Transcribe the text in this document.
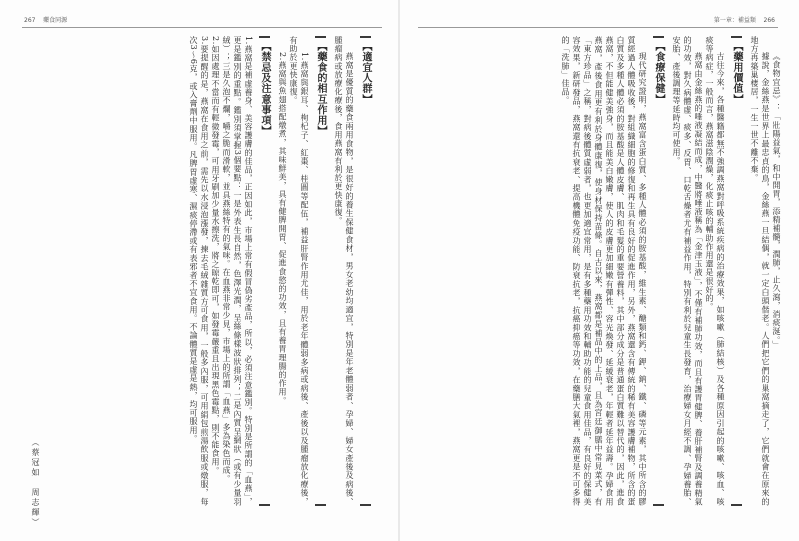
267 藥食同源
【適宜人群】

燕窩是優質的藥食兩用食物，是很好的養生保健食材，男女老幼均適宜，特別是年老體弱者、孕婦、婦女產後及病後、腫瘤病或放療化療後，食用燕窩有利於更快康復。

【藥食的相互作用】

1.燕窩與銀耳、枸杞子、紅棗、桂圓等配伍，補益肝腎作用尤佳，用於老年體弱多病或病後、產後以及腫瘤放化療後，有助於更快康復。

2.燕窩與魚翅搭配燉煮，其味鮮美，具有健脾開胃、促進食慾的功效，且有養胃理腸的作用。

【禁忌及注意事項】

1.燕窩是補虛養身、美容護膚的佳品，正因如此，市場上常有假冒偽劣產品，所以，必須注意鑑別。特別是所謂的「血燕」，更是鑑別的重點。鑑別須掌握3個要點：一是外表生長自然，色澤光潤，呈絲條樣波狀排列；二是內質呈網狀（或有少量羽絨）；三是久泡不爛，嚼之脆而滑軟，並具燕絲特有的氣味。在血燕非常少見，市場上的所謂「血燕」多為染色而成。

2.如因處理不當而有輕微發霉，可用牙刷加少量水擦洗，將之晾乾即可，如發霉嚴重且出現黑色霉點，則不能食用。

3.要提醒的是，燕窩在食用之前，需先以水浸泡漲發，揀去毛絨雜質方可食用，一般多內服，可用絹包煎湯飲服或燉服，每次3～6克，或入膏劑中服用。凡脾胃虛寒、濕痰停滯或有表邪者不宜食用。不論體質是虛是熱，均可服用。

（蔡冠如　周志輝）
第一章：補益類 266

《食物宜忌》：「壯陽益氣，和中開胃，添精補髓，潤肺，止久瀉，消痰涎。」

據說，金絲燕是世界上最忠貞的鳥，金絲燕一旦結偶，就一定白頭偕老。人們把它們的巢窩摘走了，它們就會在原來的地方再築巢棲居，一生一世不離不棄。

【藥用價值】

古往今來，各種醫籍都無不強調燕窩對呼吸系統疾病的治療效果，如咳嗽（肺結核）及各種原因引起的咳嗽、咳血、咳痰等病症，一般而言，燕窩滋陰潤燥，化痰止咳的輔助作用還是很好的。

燕窩由金絲燕的唾液凝結而成，中醫將唾液稱為「金津玉液」，不僅有補肺功效，而且有護胃健脾、養肝補腎及調養精氣的功效，對久病體虛、痰多、反胃、口乾舌燥者尤有補益作用，特別有利於兒童生長發育，治療婦女月經不調、孕婦養胎、安胎、產後調理等延時均可使用。

【食療保健】

現代研究證明，燕窩富含蛋白質、多種人體必須的胺基酸，維生素、醣類和鈣、鉀、鈉、鐵、磷等元素，其中所含的膠質經過人體吸收後，對組織細胞的修復和再生具有良好的促進作用，另外，燕窩還含有傳統的稀有美容護膚補物，所含的蛋白質及多種人體必須的胺基酸是人體皮膚、肌肉和毛髮的重要營養料，其中部分成分是普通蛋白質難以替代的，因此，進食燕窩，不但能健美強身，而且能美白嫩膚，使人的皮膚更加細嫩有彈性、容光煥發、延緩衰老，年輕者延年益壽。孕婦食用燕窩，產後食用更有利於身體康復，使身材保持苗條。自古以來，燕窩都是補品中的上品，且為宮廷御膳中常見菜式，有「東方珍品」之稱，對病後體質虛弱者，也更加適宜常用，是有多種藥用功效和輔助功能的兒童食用佳品，有良好的保健美容效果，新研發品，燕窩還有抗衰老、提高機體免疫功能、防衰抗老，抗癌抑癌等功效，在藥膳大氣裡，燕窩更是不可多得的「洗肺」佳品。
